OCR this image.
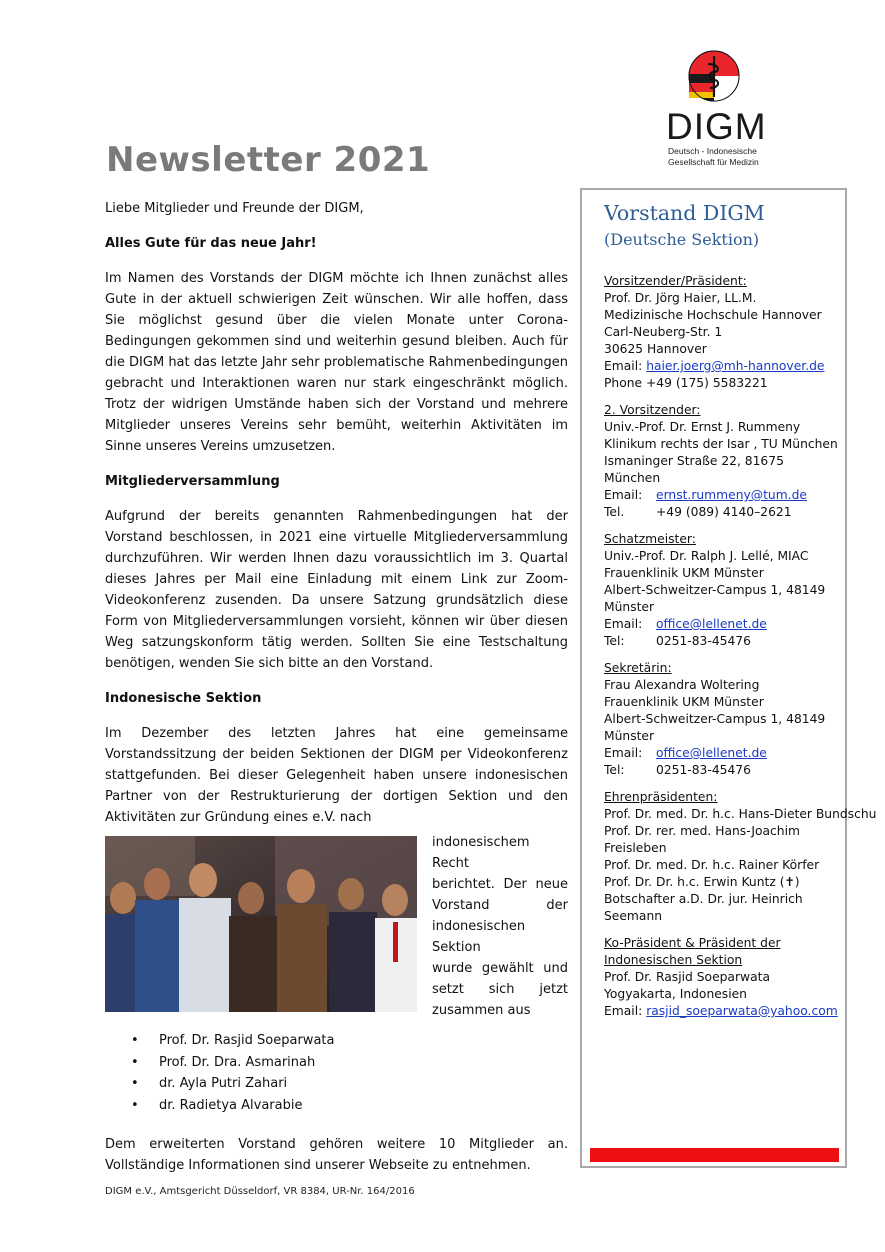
DIGM
Deutsch - Indonesische
Gesellschaft für Medizin
Newsletter 2021

Liebe Mitglieder und Freunde der DIGM,

Alles Gute für das neue Jahr!

Im Namen des Vorstands der DIGM möchte ich Ihnen zunächst alles Gute in der aktuell schwierigen Zeit wünschen. Wir alle hoffen, dass Sie möglichst gesund über die vielen Monate unter Corona-Bedingungen gekommen sind und weiterhin gesund bleiben. Auch für die DIGM hat das letzte Jahr sehr problematische Rahmenbedingungen gebracht und Interaktionen waren nur stark eingeschränkt möglich. Trotz der widrigen Umstände haben sich der Vorstand und mehrere Mitglieder unseres Vereins sehr bemüht, weiterhin Aktivitäten im Sinne unseres Vereins umzusetzen.

Mitgliederversammlung

Aufgrund der bereits genannten Rahmenbedingungen hat der Vorstand beschlossen, in 2021 eine virtuelle Mitgliederversammlung durchzuführen. Wir werden Ihnen dazu voraussichtlich im 3. Quartal dieses Jahres per Mail eine Einladung mit einem Link zur Zoom-Videokonferenz zusenden. Da unsere Satzung grundsätzlich diese Form von Mitgliederversammlungen vorsieht, können wir über diesen Weg satzungskonform tätig werden. Sollten Sie eine Testschaltung benötigen, wenden Sie sich bitte an den Vorstand.

Indonesische Sektion

Im Dezember des letzten Jahres hat eine gemeinsame Vorstandssitzung der beiden Sektionen der DIGM per Videokonferenz stattgefunden. Bei dieser Gelegenheit haben unsere indonesischen Partner von der Restrukturierung der dortigen Sektion und den Aktivitäten zur Gründung eines e.V. nach

indonesischem Recht
berichtet. Der neue
Vorstand der
indonesischen Sektion
wurde gewählt und
setzt sich jetzt
zusammen aus
• Prof. Dr. Rasjid Soeparwata
• Prof. Dr. Dra. Asmarinah
• dr. Ayla Putri Zahari
• dr. Radietya Alvarabie

Dem erweiterten Vorstand gehören weitere 10 Mitglieder an. Vollständige Informationen sind unserer Webseite zu entnehmen.

DIGM e.V., Amtsgericht Düsseldorf, VR 8384, UR-Nr. 164/2016
Vorstand DIGM
(Deutsche Sektion)
Vorsitzender/Präsident:
Prof. Dr. Jörg Haier, LL.M.
Medizinische Hochschule Hannover
Carl-Neuberg-Str. 1
30625 Hannover
Email: haier.joerg@mh-hannover.de
Phone +49 (175) 5583221
2. Vorsitzender:
Univ.-Prof. Dr. Ernst J. Rummeny
Klinikum rechts der Isar , TU München
Ismaninger Straße 22, 81675
München
Email: ernst.rummeny@tum.de
Tel.	+49 (089) 4140–2621
Schatzmeister:
Univ.-Prof. Dr. Ralph J. Lellé, MIAC
Frauenklinik UKM Münster
Albert-Schweitzer-Campus 1, 48149
Münster
Email: office@lellenet.de
Tel:	0251-83-45476
Sekretärin:
Frau Alexandra Woltering
Frauenklinik UKM Münster
Albert-Schweitzer-Campus 1, 48149
Münster
Email: office@lellenet.de
Tel:	0251-83-45476
Ehrenpräsidenten:
Prof. Dr. med. Dr. h.c. Hans-Dieter Bundschu
Prof. Dr. rer. med. Hans-Joachim
Freisleben
Prof. Dr. med. Dr. h.c. Rainer Körfer
Prof. Dr. Dr. h.c. Erwin Kuntz (✝)
Botschafter a.D. Dr. jur. Heinrich
Seemann
Ko-Präsident & Präsident der
Indonesischen Sektion
Prof. Dr. Rasjid Soeparwata
Yogyakarta, Indonesien
Email: rasjid_soeparwata@yahoo.com
